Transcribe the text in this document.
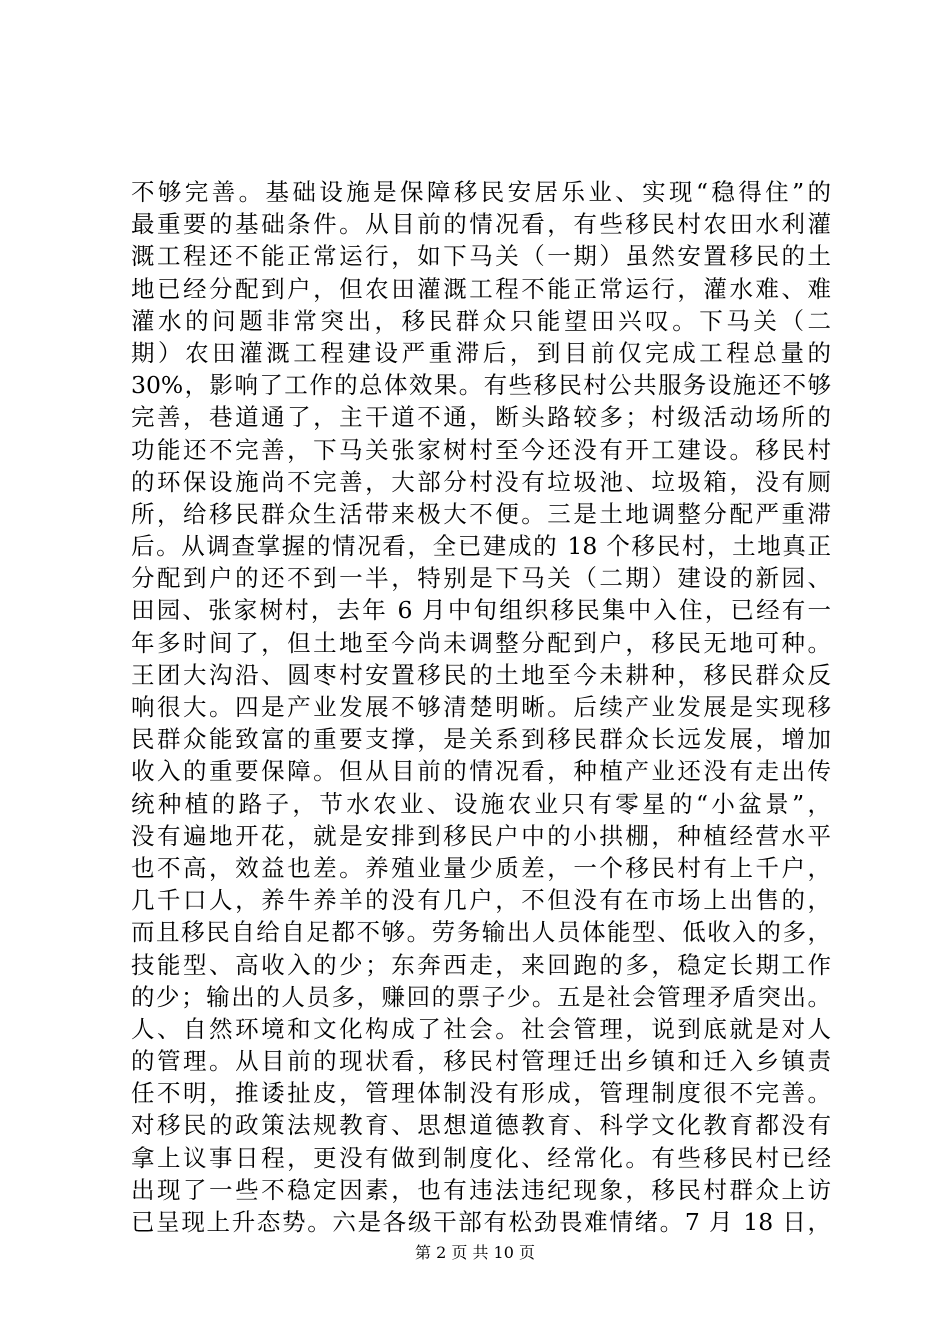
不够完善。基础设施是保障移民安居乐业、实现“稳得住”的
最重要的基础条件。从目前的情况看，有些移民村农田水利灌
溉工程还不能正常运行，如下马关（一期）虽然安置移民的土
地已经分配到户，但农田灌溉工程不能正常运行，灌水难、难
灌水的问题非常突出，移民群众只能望田兴叹。下马关（二
期）农田灌溉工程建设严重滞后，到目前仅完成工程总量的
30%，影响了工作的总体效果。有些移民村公共服务设施还不够
完善，巷道通了，主干道不通，断头路较多；村级活动场所的
功能还不完善，下马关张家树村至今还没有开工建设。移民村
的环保设施尚不完善，大部分村没有垃圾池、垃圾箱，没有厕
所，给移民群众生活带来极大不便。三是土地调整分配严重滞
后。从调查掌握的情况看，全已建成的 18 个移民村，土地真正
分配到户的还不到一半，特别是下马关（二期）建设的新园、
田园、张家树村，去年 6 月中旬组织移民集中入住，已经有一
年多时间了，但土地至今尚未调整分配到户，移民无地可种。
王团大沟沿、圆枣村安置移民的土地至今未耕种，移民群众反
响很大。四是产业发展不够清楚明晰。后续产业发展是实现移
民群众能致富的重要支撑，是关系到移民群众长远发展，增加
收入的重要保障。但从目前的情况看，种植产业还没有走出传
统种植的路子，节水农业、设施农业只有零星的“小盆景”，
没有遍地开花，就是安排到移民户中的小拱棚，种植经营水平
也不高，效益也差。养殖业量少质差，一个移民村有上千户，
几千口人，养牛养羊的没有几户，不但没有在市场上出售的，
而且移民自给自足都不够。劳务输出人员体能型、低收入的多，
技能型、高收入的少；东奔西走，来回跑的多，稳定长期工作
的少；输出的人员多，赚回的票子少。五是社会管理矛盾突出。
人、自然环境和文化构成了社会。社会管理，说到底就是对人
的管理。从目前的现状看，移民村管理迁出乡镇和迁入乡镇责
任不明，推诿扯皮，管理体制没有形成，管理制度很不完善。
对移民的政策法规教育、思想道德教育、科学文化教育都没有
拿上议事日程，更没有做到制度化、经常化。有些移民村已经
出现了一些不稳定因素，也有违法违纪现象，移民村群众上访
已呈现上升态势。六是各级干部有松劲畏难情绪。7 月 18 日，
第 2 页 共 10 页
